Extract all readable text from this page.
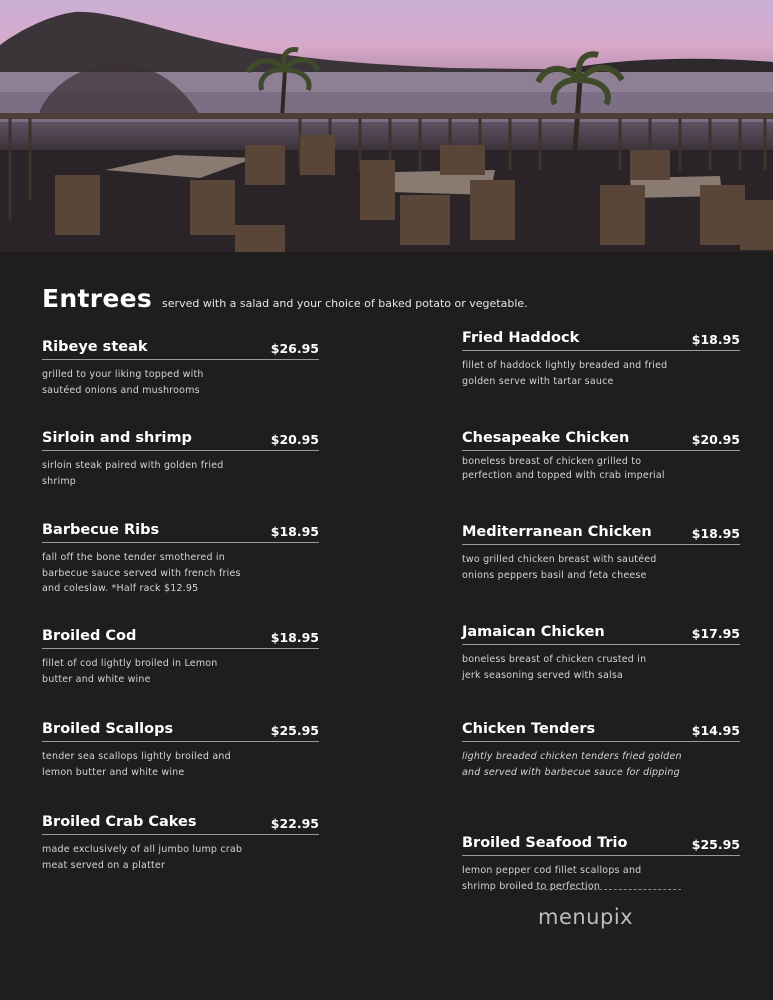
Entrees served with a salad and your choice of baked potato or vegetable.
Ribeye steak	$26.95
grilled to your liking topped with sautéed onions and mushrooms
Sirloin and shrimp	$20.95
sirloin steak paired with golden fried shrimp
Barbecue Ribs	$18.95
fall off the bone tender smothered in barbecue sauce served with french fries and coleslaw. *Half rack $12.95
Broiled Cod	$18.95
fillet of cod lightly broiled in Lemon butter and white wine
Broiled Scallops	$25.95
tender sea scallops lightly broiled and lemon butter and white wine
Broiled Crab Cakes	$22.95
made exclusively of all jumbo lump crab meat served on a platter
Fried Haddock	$18.95
fillet of haddock lightly breaded and fried golden serve with tartar sauce
Chesapeake Chicken	$20.95
boneless breast of chicken grilled to perfection and topped with crab imperial
Mediterranean Chicken	$18.95
two grilled chicken breast with sautéed onions peppers basil and feta cheese
Jamaican Chicken	$17.95
boneless breast of chicken crusted in jerk seasoning served with salsa
Chicken Tenders	$14.95
lightly breaded chicken tenders fried golden and served with barbecue sauce for dipping
Broiled Seafood Trio	$25.95
lemon pepper cod fillet scallops and shrimp broiled to perfection
menupix
